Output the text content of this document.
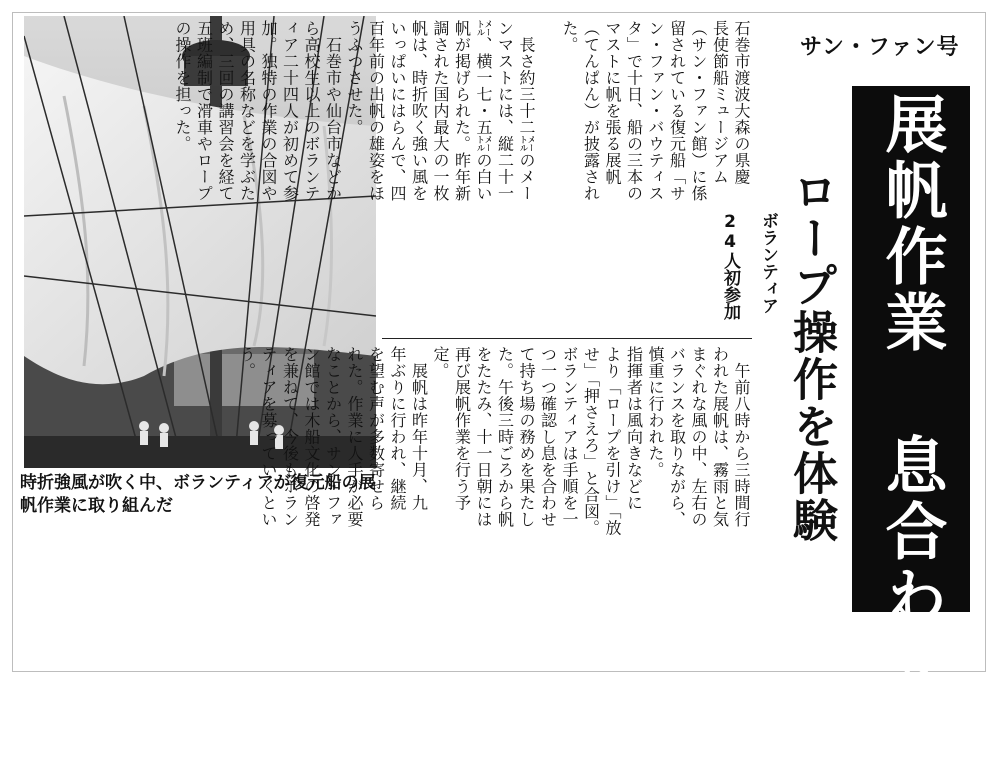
時折強風が吹く中、ボランティアが復元船の展帆作業に取り組んだ
サン・ファン号
展帆作業 息合わせて
ロープ操作を体験

ボランティア

24人初参加

石巻市渡波大森の県慶
長使節船ミュージアム
（サン・ファン館）に係
留されている復元船「サ
ン・ファン・バウティス
タ」で十日、船の三本の
マストに帆を張る展帆
（てんぱん）が披露され
た。

　長さ約三十二㍍のメー
ンマストには、縦二十一
㍍、横一七・五㍍の白い
帆が掲げられた。昨年新
調された国内最大の一枚
帆は、時折吹く強い風を
いっぱいにはらんで、四
百年前の出帆の雄姿をほ
うふつさせた。
　石巻市や仙台市などか
ら高校生以上のボランテ
ィア二十四人が初めて参
加。独特の作業の合図や
用具の名称などを学ぶた
め、三回の講習会を経て
五班編制で滑車やロープ
の操作を担った。
　午前八時から三時間行
われた展帆は、霧雨と気
まぐれな風の中、左右の
バランスを取りながら、
慎重に行われた。
指揮者は風向きなどに
より「ロープを引け」「放
せ」「押さえろ」と合図。
ボランティアは手順を一
つ一つ確認し息を合わせ
て持ち場の務めを果たし
た。午後三時ごろから帆
をたたみ、十一日朝には
再び展帆作業を行う予
定。
　展帆は昨年十月、九
年ぶりに行われ、継続
を望む声が多数寄せら
れた。作業に人手が必要
なことから、サン・ファ
ン館では木船文化の啓発
を兼ねて、今後もボラン
ティアを募っていくとい
う。
